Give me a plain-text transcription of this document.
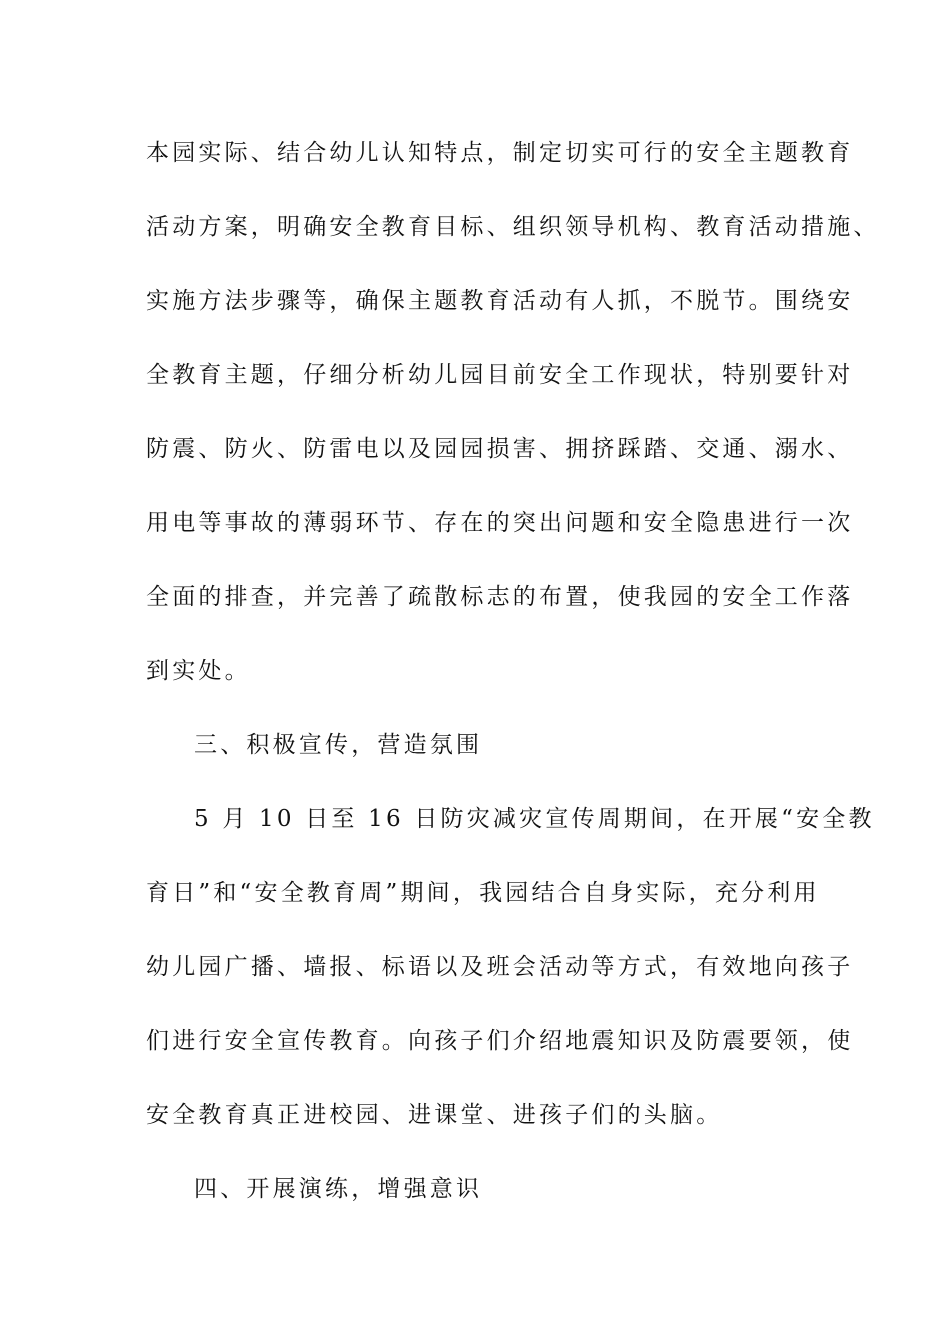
本园实际、结合幼儿认知特点，制定切实可行的安全主题教育
活动方案，明确安全教育目标、组织领导机构、教育活动措施、
实施方法步骤等，确保主题教育活动有人抓，不脱节。围绕安
全教育主题，仔细分析幼儿园目前安全工作现状，特别要针对
防震、防火、防雷电以及园园损害、拥挤踩踏、交通、溺水、
用电等事故的薄弱环节、存在的突出问题和安全隐患进行一次
全面的排查，并完善了疏散标志的布置，使我园的安全工作落
到实处。
三、积极宣传，营造氛围
5 月 10 日至 16 日防灾减灾宣传周期间，在开展“安全教
育日”和“安全教育周”期间，我园结合自身实际，充分利用
幼儿园广播、墙报、标语以及班会活动等方式，有效地向孩子
们进行安全宣传教育。向孩子们介绍地震知识及防震要领，使
安全教育真正进校园、进课堂、进孩子们的头脑。
四、开展演练，增强意识
